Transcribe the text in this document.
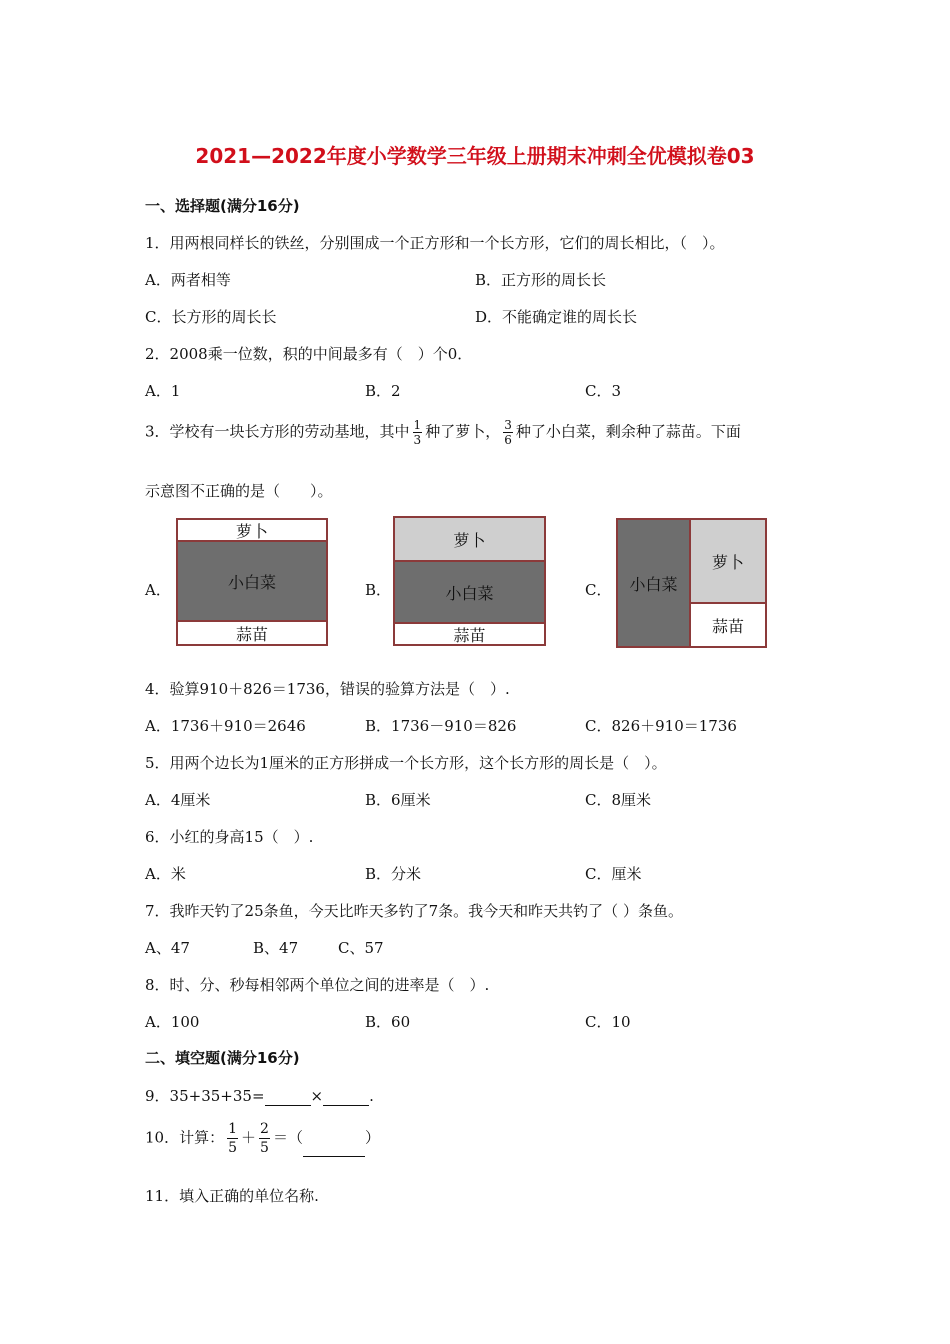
2021—2022年度小学数学三年级上册期末冲刺全优模拟卷03
一、选择题(满分16分)
1．用两根同样长的铁丝，分别围成一个正方形和一个长方形，它们的周长相比，（　）。
A．两者相等	B．正方形的周长长
C．长方形的周长长	D．不能确定谁的周长长
2．2008乘一位数，积的中间最多有（　）个0．
A．1	B．2	C．3
3．学校有一块长方形的劳动基地，其中 $\frac{1}{3}$ 种了萝卜， $\frac{3}{6}$ 种了小白菜，剩余种了蒜苗。下面
示意图不正确的是（　　）。
A．	B．	C．
萝卜
小白菜
蒜苗
萝卜
小白菜
蒜苗
小白菜
萝卜
蒜苗
4．验算910＋826＝1736，错误的验算方法是（　）.
A．1736＋910＝2646	B．1736－910＝826	C．826＋910＝1736
5．用两个边长为1厘米的正方形拼成一个长方形，这个长方形的周长是（　）。
A．4厘米	B．6厘米	C．8厘米
6．小红的身高15（　）.
A．米	B．分米	C．厘米
7．我昨天钓了25条鱼，今天比昨天多钓了7条。我今天和昨天共钓了（ ）条鱼。
A、47	B、47	C、57
8．时、分、秒每相邻两个单位之间的进率是（　）.
A．100	B．60	C．10
二、填空题(满分16分)
9．35+35+35=	×	.
10．计算： $\frac{1}{5} + \frac{2}{5}$ ＝（	）
11．填入正确的单位名称.
